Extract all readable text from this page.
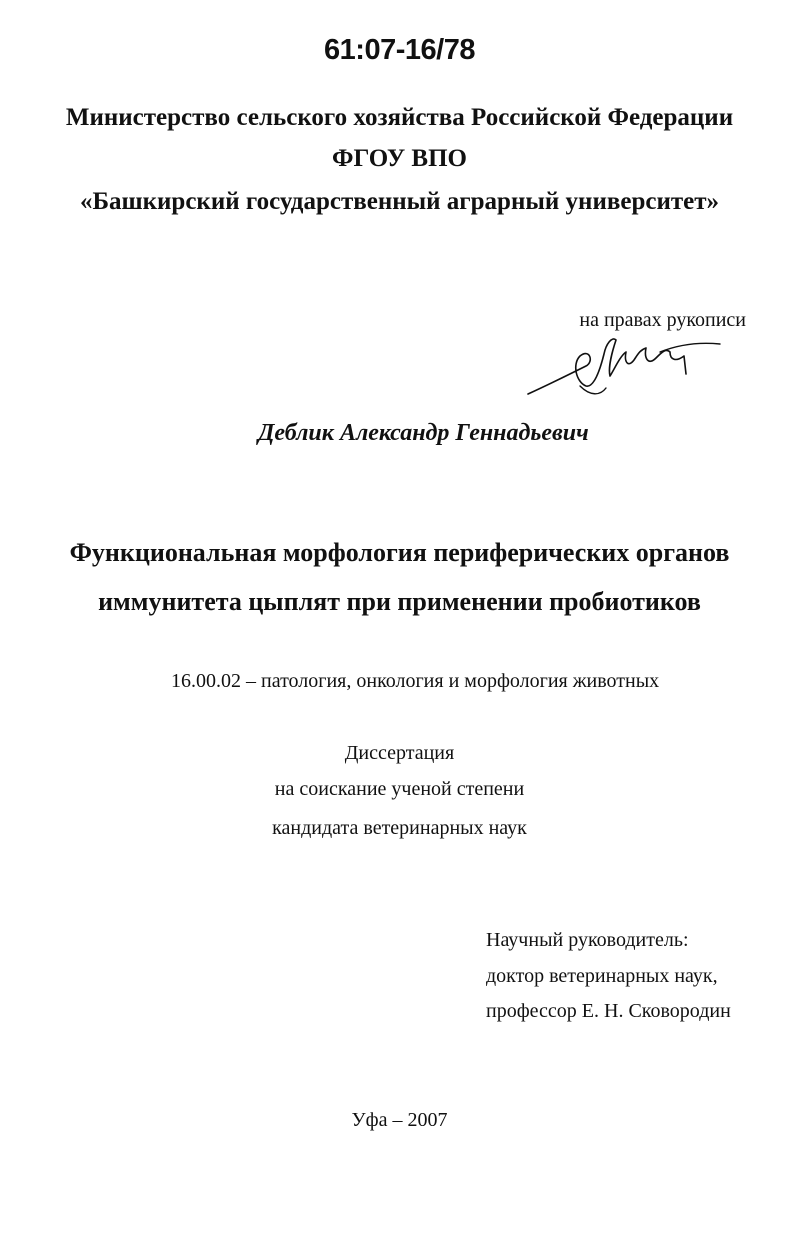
61:07-16/78
Министерство сельского хозяйства Российской Федерации
ФГОУ ВПО
«Башкирский государственный аграрный университет»
на правах рукописи
Деблик Александр Геннадьевич
Функциональная морфология периферических органов
иммунитета цыплят при применении пробиотиков
16.00.02 – патология, онкология и морфология животных
Диссертация
на соискание ученой степени
кандидата ветеринарных наук
Научный руководитель:
доктор ветеринарных наук,
профессор Е. Н. Сковородин
Уфа – 2007
